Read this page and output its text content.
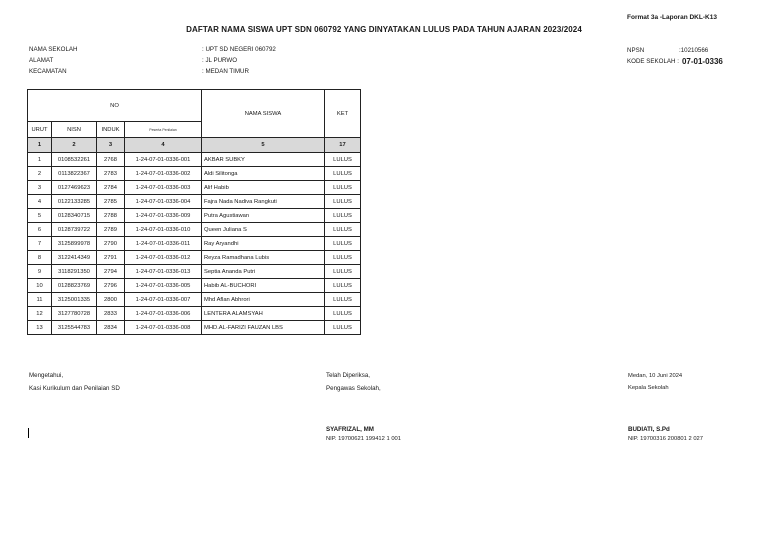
Format 3a -Laporan DKL-K13
DAFTAR NAMA SISWA UPT SDN 060792 YANG DINYATAKAN LULUS PADA TAHUN AJARAN 2023/2024
NAMA SEKOLAH	: UPT SD NEGERI 060792
ALAMAT	: JL PURWO
KECAMATAN	: MEDAN TIMUR
NPSN	:10210566
KODE SEKOLAH : 07-01-0336
NO				NAMA SISWA	KET
URUT	NISN	INDUK	Peserta Penilaian		
1	2	3	4	5	17
1	0108532261	2768	1-24-07-01-0336-001	AKBAR SUBKY	LULUS
2	0113822367	2783	1-24-07-01-0336-002	Aldi Silitonga	LULUS
3	0127469623	2784	1-24-07-01-0336-003	Alif Habib	LULUS
4	0122133285	2785	1-24-07-01-0336-004	Fajra Nada Nadiva Rangkuti	LULUS
5	0128340715	2788	1-24-07-01-0336-009	Putra Agustiawan	LULUS
6	0128739722	2789	1-24-07-01-0336-010	Queen Juliana S	LULUS
7	3125899978	2790	1-24-07-01-0336-011	Ray Aryandhi	LULUS
8	3122414349	2791	1-24-07-01-0336-012	Reyza Ramadhana Lubis	LULUS
9	3118291350	2794	1-24-07-01-0336-013	Septia Ananda Putri	LULUS
10	0128823769	2796	1-24-07-01-0336-005	Habib AL-BUCHORI	LULUS
11	3125001335	2800	1-24-07-01-0336-007	Mhd Aflan Abhrori	LULUS
12	3127780728	2833	1-24-07-01-0336-006	LENTERA ALAMSYAH	LULUS
13	3125544783	2834	1-24-07-01-0336-008	MHD.AL-FARIZI FAUZAN LBS	LULUS
Mengetahui,
Kasi Kurikulum dan Penilaian SD
Telah Diperiksa,
Pengawas Sekolah,
SYAFRIZAL, MM
NIP. 19700621 199412 1 001
Medan, 10 Juni 2024
Kepala Sekolah
BUDIATI, S.Pd
NIP. 19700316 200801 2 027
